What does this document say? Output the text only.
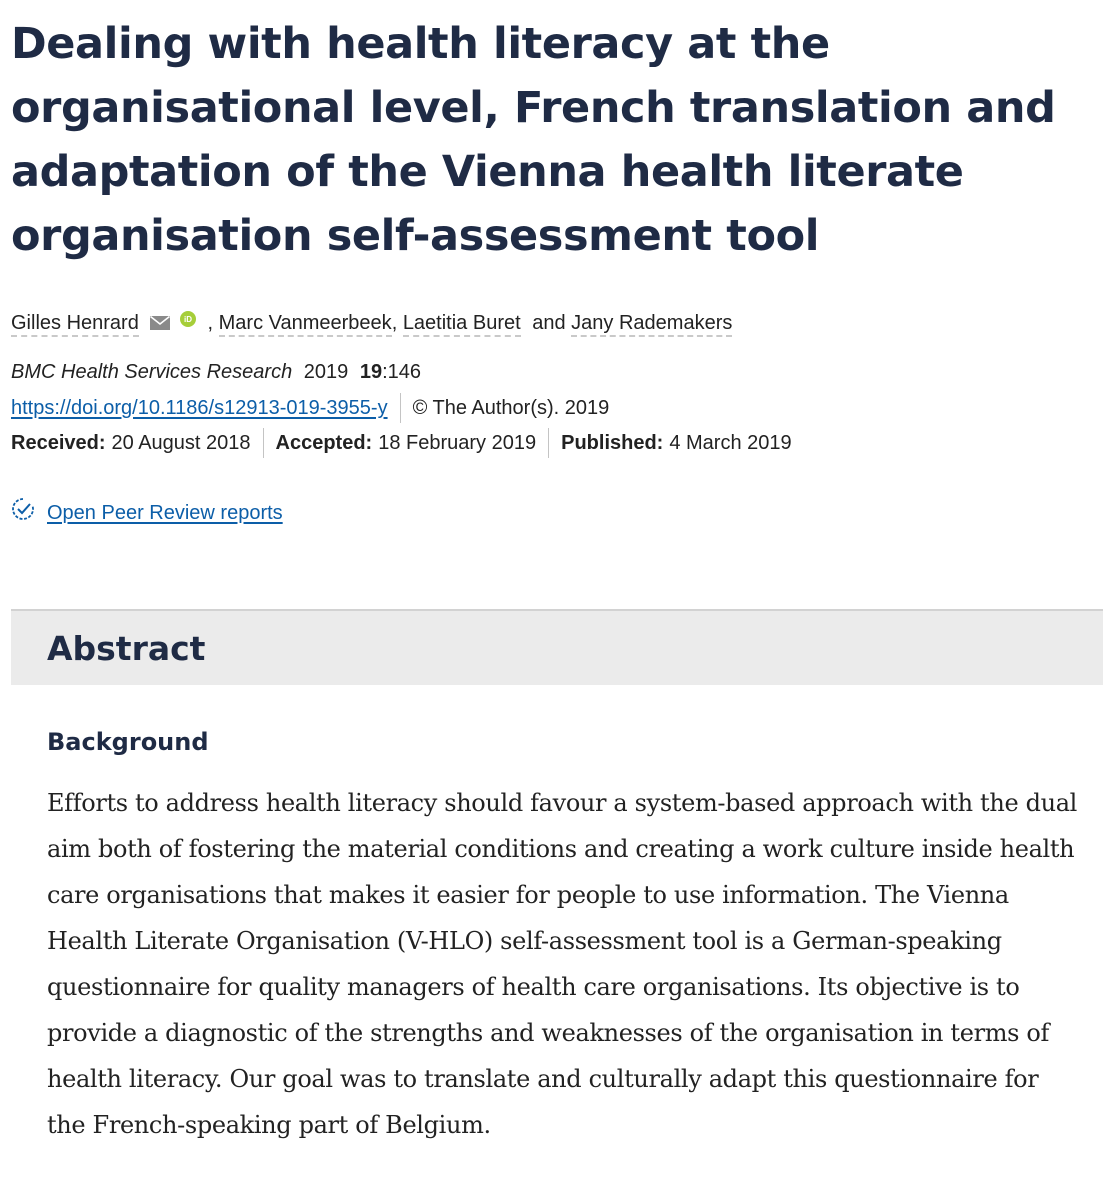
Dealing with health literacy at the organisational level, French translation and adaptation of the Vienna health literate organisation self-assessment tool
Gilles Henrard	iD , Marc Vanmeerbeek, Laetitia Buret and Jany Rademakers
BMC Health Services Research 2019 19:146
https://doi.org/10.1186/s12913-019-3955-y © The Author(s). 2019
Received: 20 August 2018 Accepted: 18 February 2019 Published: 4 March 2019
Open Peer Review reports
Abstract
Background

Efforts to address health literacy should favour a system-based approach with the dual aim both of fostering the material conditions and creating a work culture inside health care organisations that makes it easier for people to use information. The Vienna Health Literate Organisation (V-HLO) self-assessment tool is a German-speaking questionnaire for quality managers of health care organisations. Its objective is to provide a diagnostic of the strengths and weaknesses of the organisation in terms of health literacy. Our goal was to translate and culturally adapt this questionnaire for the French-speaking part of Belgium.
